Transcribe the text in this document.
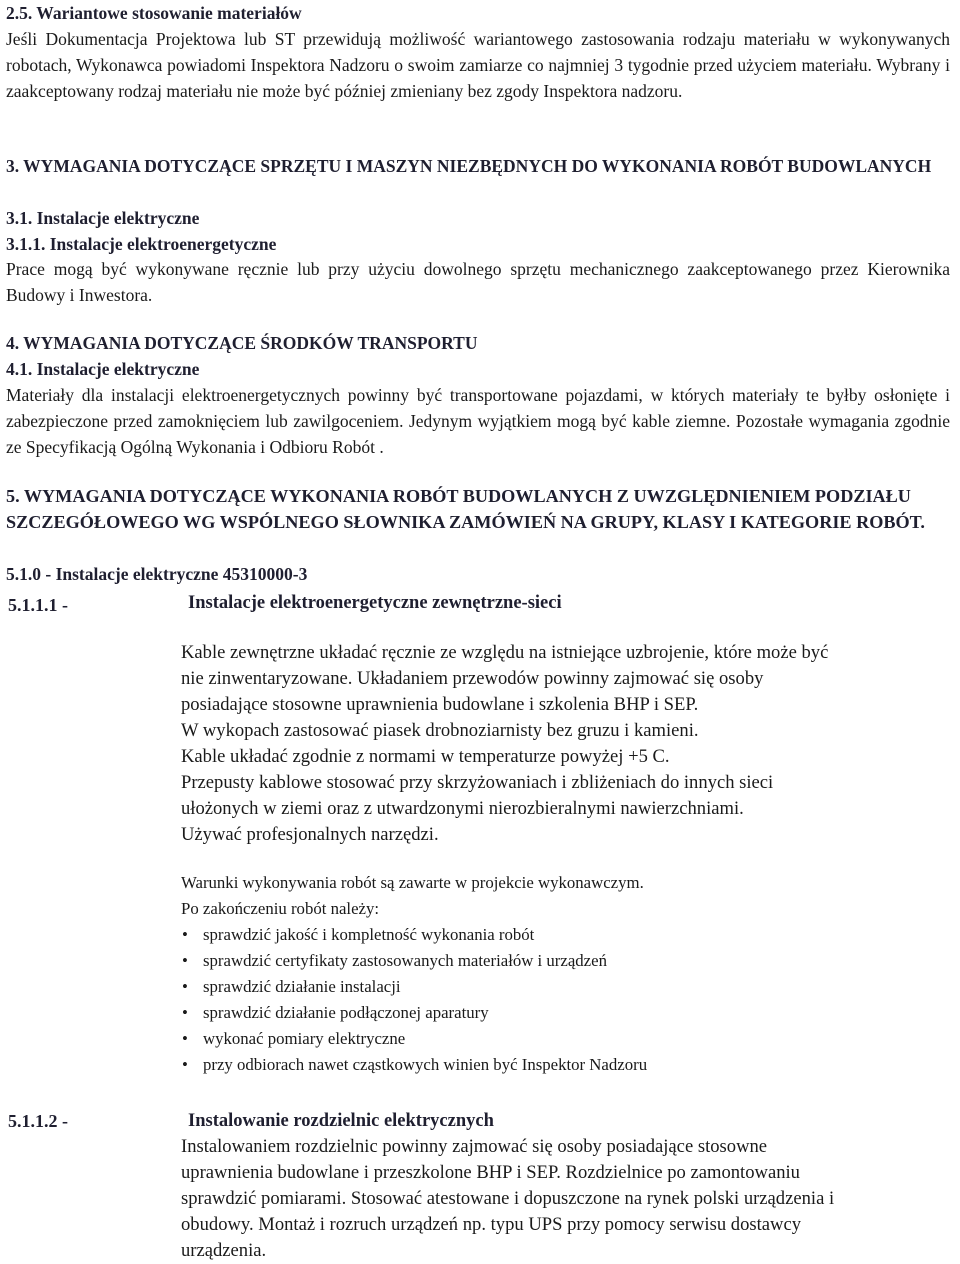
2.5. Wariantowe stosowanie materiałów

Jeśli Dokumentacja Projektowa lub ST przewidują możliwość wariantowego zastosowania rodzaju materiału w wykonywanych robotach, Wykonawca powiadomi Inspektora Nadzoru o swoim zamiarze co najmniej 3 tygodnie przed użyciem materiału. Wybrany i zaakceptowany rodzaj materiału nie może być później zmieniany bez zgody Inspektora nadzoru.

3. WYMAGANIA DOTYCZĄCE SPRZĘTU I MASZYN NIEZBĘDNYCH DO WYKONANIA ROBÓT BUDOWLANYCH
3.1. Instalacje elektryczne
3.1.1. Instalacje elektroenergetyczne

Prace mogą być wykonywane ręcznie lub przy użyciu dowolnego sprzętu mechanicznego zaakceptowanego przez Kierownika Budowy i Inwestora.

4. WYMAGANIA DOTYCZĄCE ŚRODKÓW TRANSPORTU
4.1. Instalacje elektryczne

Materiały dla instalacji elektroenergetycznych powinny być transportowane pojazdami, w których materiały te byłby osłonięte i zabezpieczone przed zamoknięciem lub zawilgoceniem. Jedynym wyjątkiem mogą być kable ziemne. Pozostałe wymagania zgodnie ze Specyfikacją Ogólną Wykonania i Odbioru Robót .

5. WYMAGANIA DOTYCZĄCE WYKONANIA ROBÓT BUDOWLANYCH Z UWZGLĘDNIENIEM PODZIAŁU SZCZEGÓŁOWEGO WG WSPÓLNEGO SŁOWNIKA ZAMÓWIEŃ NA GRUPY, KLASY I KATEGORIE ROBÓT.
5.1.0 - Instalacje elektryczne 45310000-3
5.1.1.1 -	Instalacje elektroenergetyczne zewnętrzne-sieci
Kable zewnętrzne układać ręcznie ze względu na istniejące uzbrojenie, które może być
nie zinwentaryzowane. Układaniem przewodów powinny zajmować się osoby
posiadające stosowne uprawnienia budowlane i szkolenia BHP i SEP.
W wykopach zastosować piasek drobnoziarnisty bez gruzu i kamieni.
Kable układać zgodnie z normami w temperaturze powyżej +5 C.
Przepusty kablowe stosować przy skrzyżowaniach i zbliżeniach do innych sieci
ułożonych w ziemi oraz z utwardzonymi nierozbieralnymi nawierzchniami.
Używać profesjonalnych narzędzi.
Warunki wykonywania robót są zawarte w projekcie wykonawczym.
Po zakończeniu robót należy:
• sprawdzić jakość i kompletność wykonania robót
• sprawdzić certyfikaty zastosowanych materiałów i urządzeń
• sprawdzić działanie instalacji
• sprawdzić działanie podłączonej aparatury
• wykonać pomiary elektryczne
• przy odbiorach nawet cząstkowych winien być Inspektor Nadzoru
5.1.1.2 -	Instalowanie rozdzielnic elektrycznych
Instalowaniem rozdzielnic powinny zajmować się osoby posiadające stosowne
uprawnienia budowlane i przeszkolone BHP i SEP. Rozdzielnice po zamontowaniu
sprawdzić pomiarami. Stosować atestowane i dopuszczone na rynek polski urządzenia i
obudowy. Montaż i rozruch urządzeń np. typu UPS przy pomocy serwisu dostawcy
urządzenia.
